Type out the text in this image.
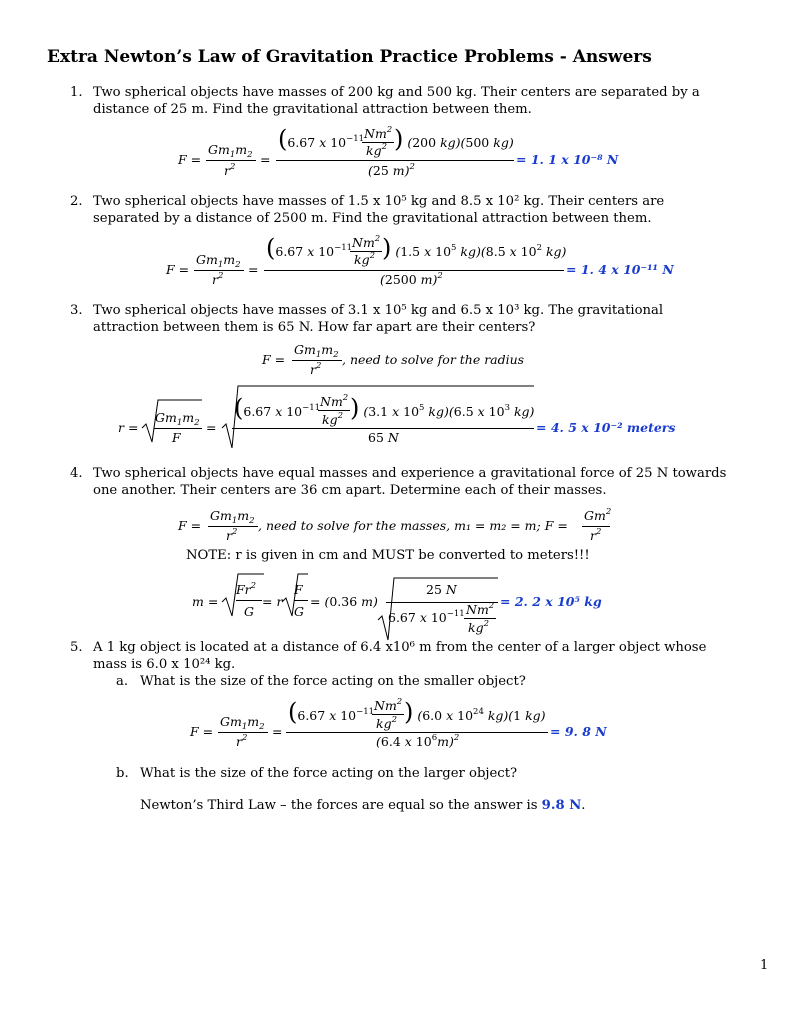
Extra Newton’s Law of Gravitation Practice Problems - Answers
1. Two spherical objects have masses of 200 kg and 500 kg. Their centers are separated by a distance of 25 m. Find the gravitational attraction between them.
F =
$Gm_1m_2$
$r^2$ =
(6.67 x $10^{-11}$ Nm$^2$
$kg^2$ ) (200 kg)(500 kg)
(25 m)$^2$	= 1. 1 x 10⁻⁸ N
2. Two spherical objects have masses of 1.5 x 10⁵ kg and 8.5 x 10² kg. Their centers are separated by a distance of 2500 m. Find the gravitational attraction between them.
F =
$Gm_1m_2$
$r^2$ =
(6.67 x $10^{-11}$ Nm$^2$
$kg^2$ ) (1.5 x $10^5$ kg)(8.5 x $10^2$ kg)
(2500 m)$^2$	= 1. 4 x 10⁻¹¹ N
3. Two spherical objects have masses of 3.1 x 10⁵ kg and 6.5 x 10³ kg. The gravitational attraction between them is 65 N. How far apart are their centers?
F =
$Gm_1m_2$
$r^2$ , need to solve for the radius
r =
$Gm_1m_2$
F
=
(6.67 x $10^{-11}$ Nm$^2$
$kg^2$ ) (3.1 x $10^5$ kg)(6.5 x $10^3$ kg)
65 N
= 4. 5 x 10⁻² meters
4. Two spherical objects have equal masses and experience a gravitational force of 25 N towards one another. Their centers are 36 cm apart. Determine each of their masses.
F =
$Gm_1m_2$
$r^2$ , need to solve for the masses, m₁ = m₂ = m; F =
$Gm^2$
$r^2$
NOTE: r is given in cm and MUST be converted to meters!!!
m =
$Fr^2$
G
= r
F
G
= (0.36 m)
25 N
6.67 x $10^{-11}$ Nm$^2$
$kg^2$
= 2. 2 x 10⁵ kg
5. A 1 kg object is located at a distance of 6.4 x10⁶ m from the center of a larger object whose mass is 6.0 x 10²⁴ kg.
a. What is the size of the force acting on the smaller object?
F =
$Gm_1m_2$
$r^2$ =
(6.67 x $10^{-11}$ Nm$^2$
$kg^2$ ) (6.0 x $10^{24}$ kg)(1 kg)
(6.4 x $10^6m)^2$	= 9. 8 N
b. What is the size of the force acting on the larger object?
Newton’s Third Law – the forces are equal so the answer is 9.8 N.
1
